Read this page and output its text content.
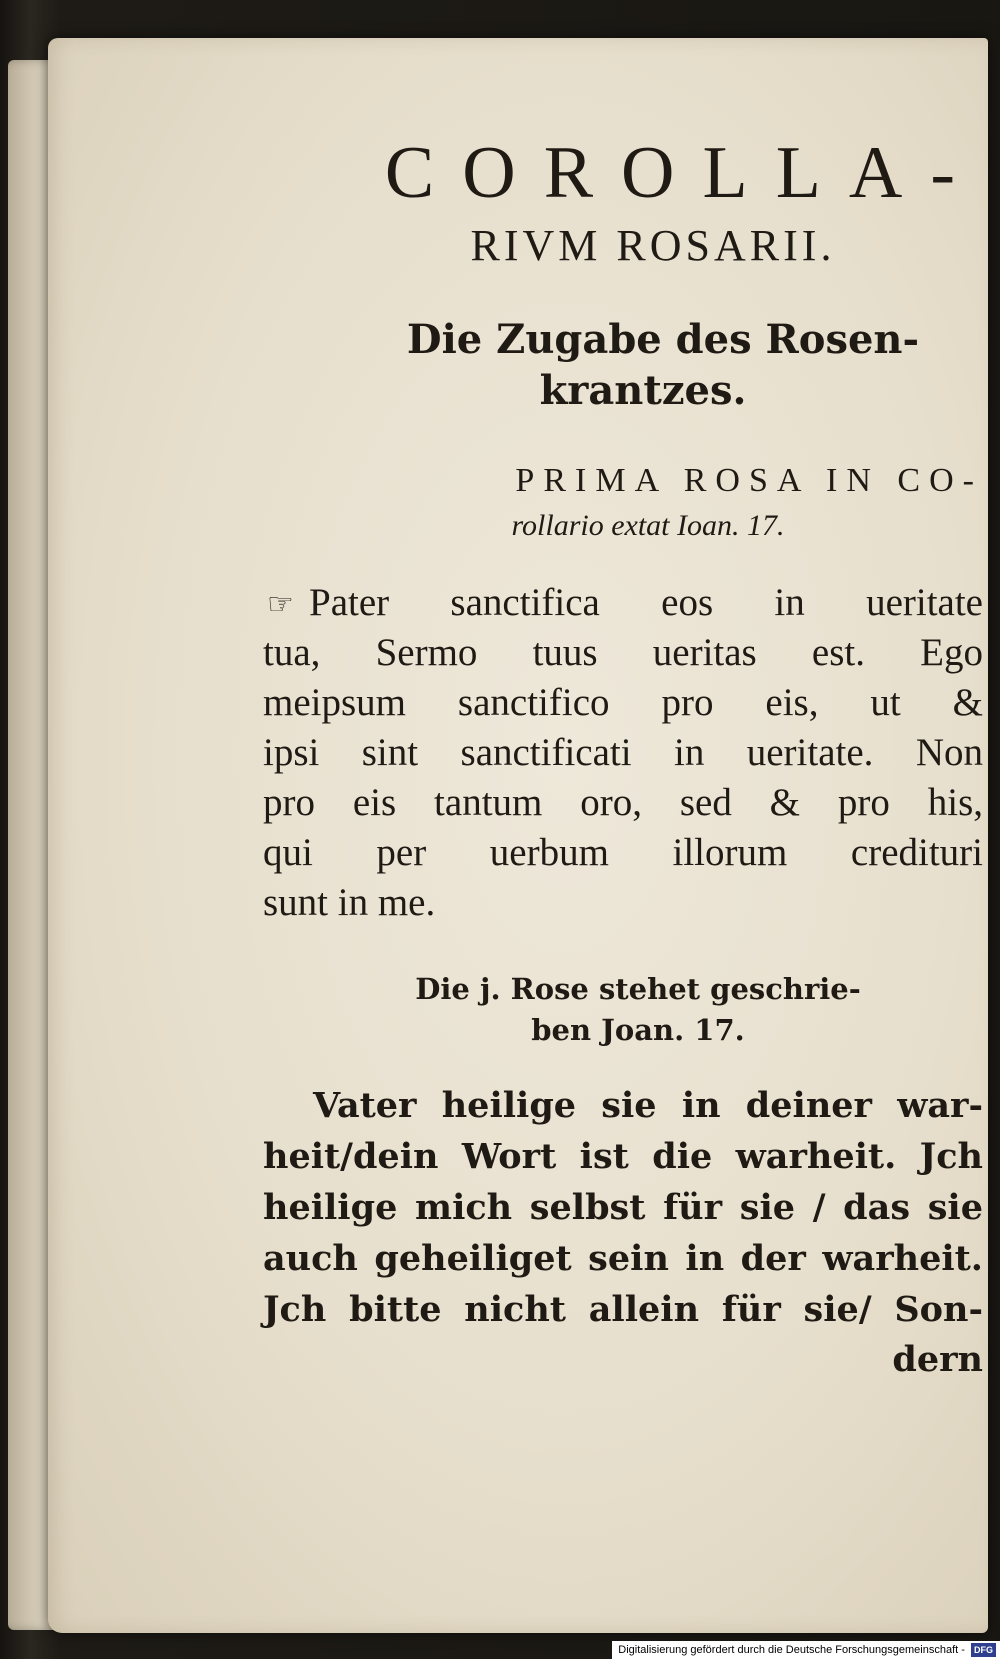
COROLLA-
RIVM ROSARII.
Die Zugabe des Rosen-
krantzes.
PRIMA ROSA IN CO-
rollario extat Ioan. 17.
☞ Pater sanctifica eos in ueritate
tua, Sermo tuus ueritas est. Ego
meipsum sanctifico pro eis, ut &
ipsi sint sanctificati in ueritate. Non
pro eis tantum oro, sed & pro his,
qui per uerbum illorum credituri
sunt in me.
Die j. Rose stehet geschrie-
ben Joan. 17.
Vater heilige sie in deiner war-
heit/dein Wort ist die warheit. Jch
heilige mich selbst für sie / das sie
auch geheiliget sein in der warheit.
Jch bitte nicht allein für sie/ Son-
dern
Digitalisierung gefördert durch die Deutsche Forschungsgemeinschaft - DFG
